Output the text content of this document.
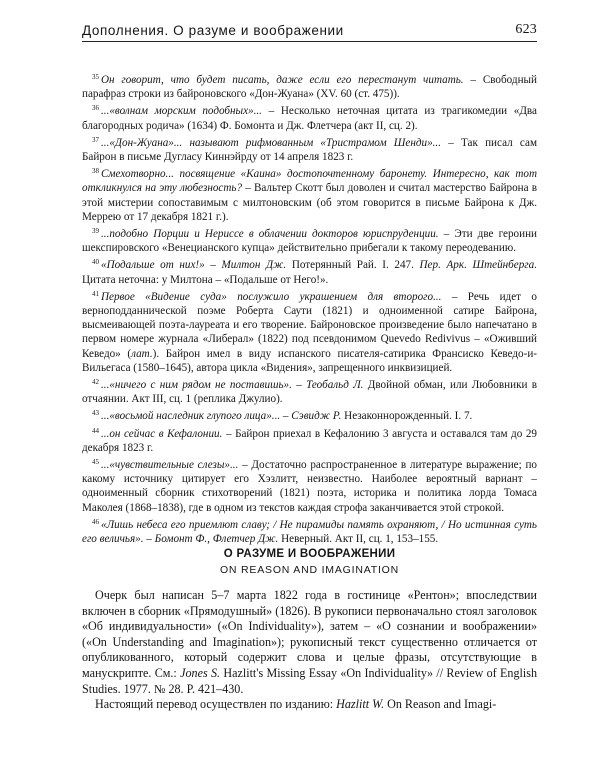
Дополнения. О разуме и воображении	623

$^{35}$ Он говорит, что будет писать, даже если его перестанут читать. – Свободный парафраз строки из байроновского «Дон-Жуана» (XV. 60 (ст. 475)).

$^{36}$ ...«волнам морским подобных»... – Несколько неточная цитата из трагикомедии «Два благородных родича» (1634) Ф. Бомонта и Дж. Флетчера (акт II, сц. 2).

$^{37}$ ...«Дон-Жуана»... называют рифмованным «Тристрамом Шенди»... – Так писал сам Байрон в письме Дугласу Киннэйрду от 14 апреля 1823 г.

$^{38}$ Смехотворно... посвящение «Каина» достопочтенному баронету. Интересно, как тот откликнулся на эту любезность? – Вальтер Скотт был доволен и считал мастерство Байрона в этой мистерии сопоставимым с милтоновским (об этом говорится в письме Байрона к Дж. Меррею от 17 декабря 1821 г.).

$^{39}$ ...подобно Порции и Нериссе в облачении докторов юриспруденции. – Эти две героини шекспировского «Венецианского купца» действительно прибегали к такому переодеванию.

$^{40}$ «Подальше от них!» – Милтон Дж. Потерянный Рай. I. 247. Пер. Арк. Штейнберга. Цитата неточна: у Милтона – «Подальше от Него!».

$^{41}$ Первое «Видение суда» послужило украшением для второго... – Речь идет о верноподданнической поэме Роберта Саути (1821) и одноименной сатире Байрона, высмеивающей поэта-лауреата и его творение. Байроновское произведение было напечатано в первом номере журнала «Либерал» (1822) под псевдонимом Quevedo Redivivus – «Оживший Кеведо» (лат.). Байрон имел в виду испанского писателя-сатирика Франсиско Кеведо-и-Вильегаса (1580–1645), автора цикла «Видения», запрещенного инквизицией.

$^{42}$ ...«ничего с ним рядом не поставишь». – Теобальд Л. Двойной обман, или Любовники в отчаянии. Акт III, сц. 1 (реплика Джулио).

$^{43}$ ...«восьмой наследник глупого лица»... – Сэвидж Р. Незаконнорожденный. I. 7.

$^{44}$ ...он сейчас в Кефалонии. – Байрон приехал в Кефалонию 3 августа и оставался там до 29 декабря 1823 г.

$^{45}$ ...«чувствительные слезы»... – Достаточно распространенное в литературе выражение; по какому источнику цитирует его Хэзлитт, неизвестно. Наиболее вероятный вариант – одноименный сборник стихотворений (1821) поэта, историка и политика лорда Томаса Маколея (1868–1838), где в одном из текстов каждая строфа заканчивается этой строкой.

$^{46}$ «Лишь небеса его приемлют славу; / Не пирамиды память охраняют, / Но истинная суть его величья». – Бомонт Ф., Флетчер Дж. Неверный. Акт II, сц. 1, 153–155.

О РАЗУМЕ И ВООБРАЖЕНИИ
ON REASON AND IMAGINATION

Очерк был написан 5–7 марта 1822 года в гостинице «Рентон»; впоследствии включен в сборник «Прямодушный» (1826). В рукописи первоначально стоял заголовок «Об индивидуальности» («On Individuality»), затем – «О сознании и воображении» («On Understanding and Imagination»); рукописный текст существенно отличается от опубликованного, который содержит слова и целые фразы, отсутствующие в манускрипте. См.: Jones S. Hazlitt's Missing Essay «On Individuality» // Review of English Studies. 1977. № 28. P. 421–430.

Настоящий перевод осуществлен по изданию: Hazlitt W. On Reason and Imagi-
